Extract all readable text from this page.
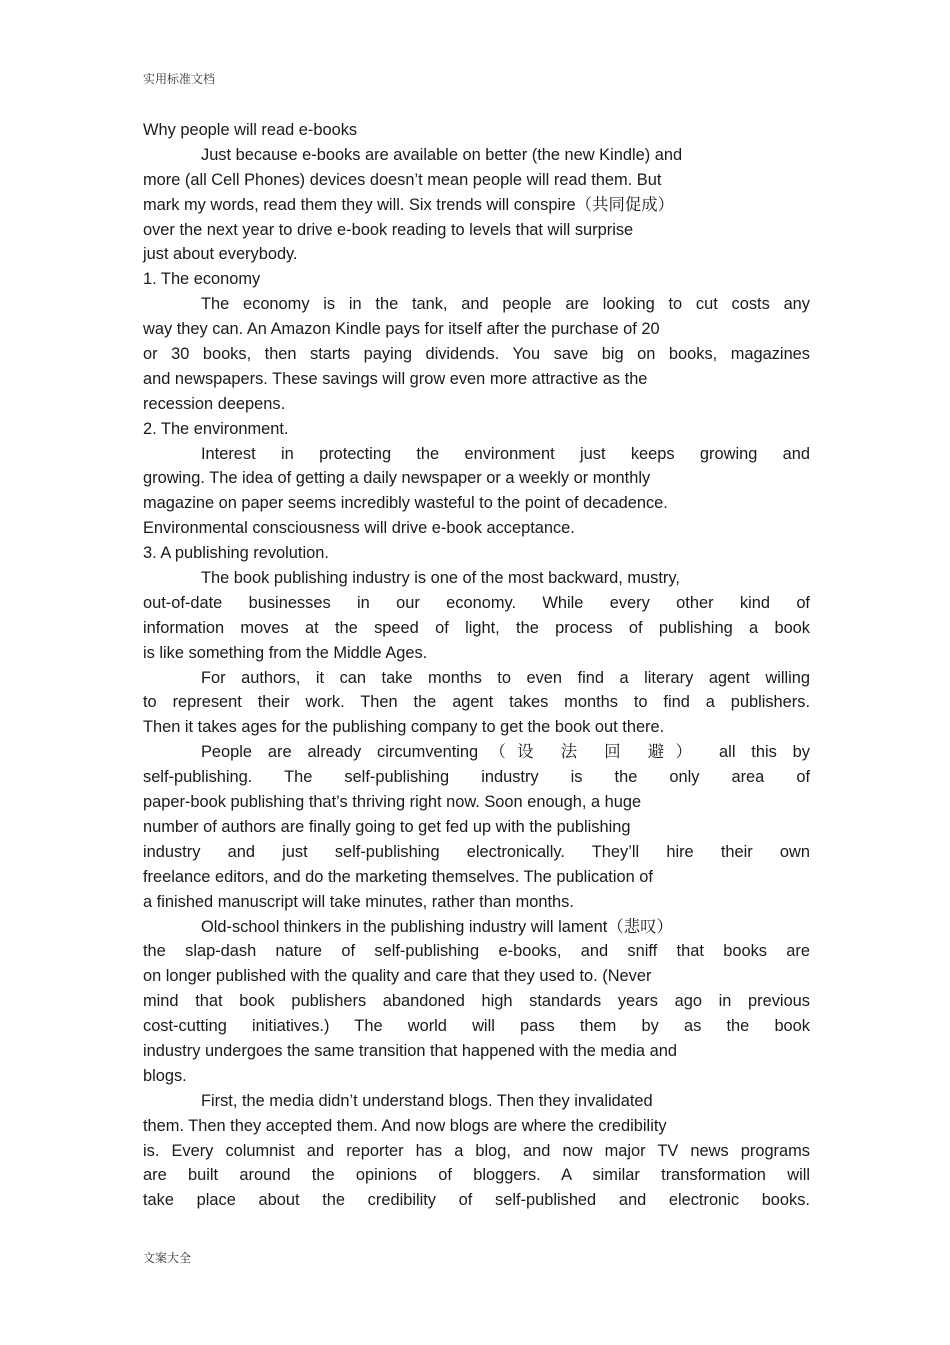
实用标准文档
Why people will read e-books
Just because e-books are available on better (the new Kindle) and
more (all Cell Phones) devices doesn’t mean people will read them. But
mark my words, read them they will. Six trends will conspire（共同促成）
over the next year to drive e-book reading to levels that will surprise
just about everybody.
1. The economy
The economy is in the tank, and people are looking to cut costs any
way they can. An Amazon Kindle pays for itself after the purchase of 20
or 30 books, then starts paying dividends. You save big on books, magazines
and newspapers. These savings will grow even more attractive as the
recession deepens.
2. The environment.
Interest in protecting the environment just keeps growing and
growing. The idea of getting a daily newspaper or a weekly or monthly
magazine on paper seems incredibly wasteful to the point of decadence.
Environmental consciousness will drive e-book acceptance.
3. A publishing revolution.
The book publishing industry is one of the most backward, mustry,
out-of-date businesses in our economy. While every other kind of
information moves at the speed of light, the process of publishing a book
is like something from the Middle Ages.
For authors, it can take months to even find a literary agent willing
to represent their work. Then the agent takes months to find a publishers.
Then it takes ages for the publishing company to get the book out there.
People are already circumventing（设 法 回 避） all this by
self-publishing. The self-publishing industry is the only area of
paper-book publishing that’s thriving right now. Soon enough, a huge
number of authors are finally going to get fed up with the publishing
industry and just self-publishing electronically. They’ll hire their own
freelance editors, and do the marketing themselves. The publication of
a finished manuscript will take minutes, rather than months.
Old-school thinkers in the publishing industry will lament（悲叹）
the slap-dash nature of self-publishing e-books, and sniff that books are
on longer published with the quality and care that they used to. (Never
mind that book publishers abandoned high standards years ago in previous
cost-cutting initiatives.) The world will pass them by as the book
industry undergoes the same transition that happened with the media and
blogs.
First, the media didn’t understand blogs. Then they invalidated
them. Then they accepted them. And now blogs are where the credibility
is. Every columnist and reporter has a blog, and now major TV news programs
are built around the opinions of bloggers. A similar transformation will
take place about the credibility of self-published and electronic books.
文案大全
